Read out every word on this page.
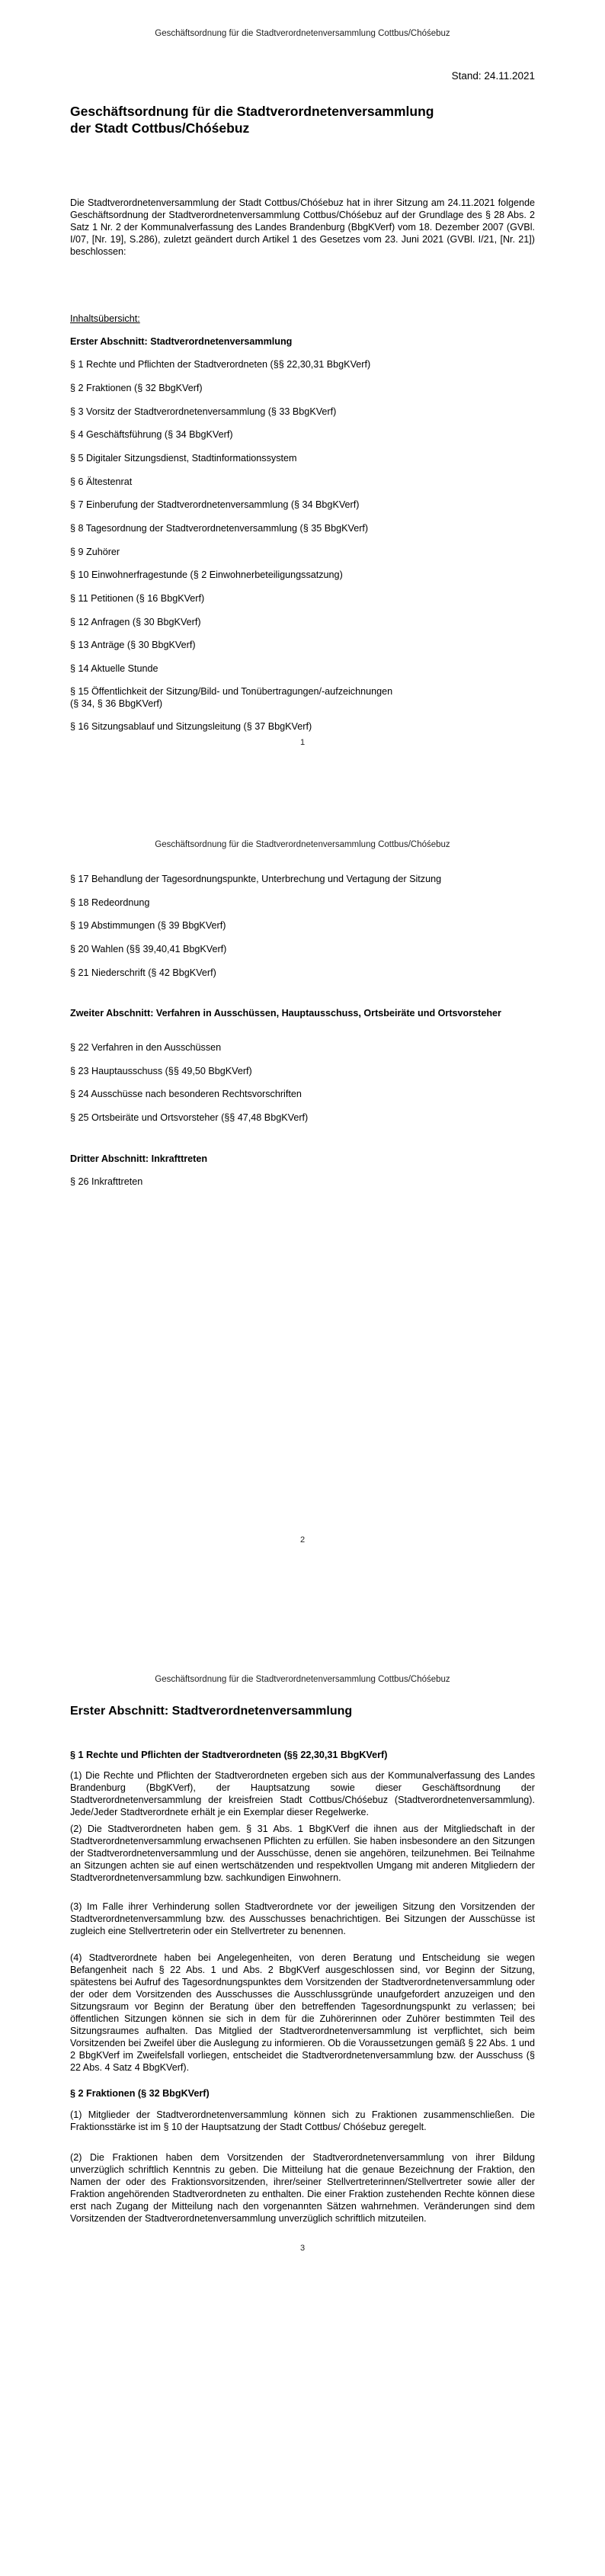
Geschäftsordnung für die Stadtverordnetenversammlung Cottbus/Chóśebuz
Stand: 24.11.2021
Geschäftsordnung für die Stadtverordnetenversammlung
der Stadt Cottbus/Chóśebuz
Die Stadtverordnetenversammlung der Stadt Cottbus/Chóśebuz hat in ihrer Sitzung am 24.11.2021 folgende Geschäftsordnung der Stadtverordnetenversammlung Cottbus/Chóśebuz auf der Grundlage des § 28 Abs. 2 Satz 1 Nr. 2 der Kommunalverfassung des Landes Brandenburg (BbgKVerf) vom 18. Dezember 2007 (GVBl. I/07, [Nr. 19], S.286), zuletzt geändert durch Artikel 1 des Gesetzes vom 23. Juni 2021 (GVBl. I/21, [Nr. 21]) beschlossen:
Inhaltsübersicht:
Erster Abschnitt: Stadtverordnetenversammlung
§ 1 Rechte und Pflichten der Stadtverordneten (§§ 22,30,31 BbgKVerf)
§ 2 Fraktionen (§ 32 BbgKVerf)
§ 3 Vorsitz der Stadtverordnetenversammlung (§ 33 BbgKVerf)
§ 4 Geschäftsführung (§ 34 BbgKVerf)
§ 5 Digitaler Sitzungsdienst, Stadtinformationssystem
§ 6 Ältestenrat
§ 7 Einberufung der Stadtverordnetenversammlung (§ 34 BbgKVerf)
§ 8 Tagesordnung der Stadtverordnetenversammlung (§ 35 BbgKVerf)
§ 9 Zuhörer
§ 10 Einwohnerfragestunde (§ 2 Einwohnerbeteiligungssatzung)
§ 11 Petitionen (§ 16 BbgKVerf)
§ 12 Anfragen (§ 30 BbgKVerf)
§ 13 Anträge (§ 30 BbgKVerf)
§ 14 Aktuelle Stunde
§ 15 Öffentlichkeit der Sitzung/Bild- und Tonübertragungen/-aufzeichnungen
(§ 34, § 36 BbgKVerf)
§ 16 Sitzungsablauf und Sitzungsleitung (§ 37 BbgKVerf)
1
Geschäftsordnung für die Stadtverordnetenversammlung Cottbus/Chóśebuz
§ 17 Behandlung der Tagesordnungspunkte, Unterbrechung und Vertagung der Sitzung
§ 18 Redeordnung
§ 19 Abstimmungen (§ 39 BbgKVerf)
§ 20 Wahlen (§§ 39,40,41 BbgKVerf)
§ 21 Niederschrift (§ 42 BbgKVerf)
Zweiter Abschnitt: Verfahren in Ausschüssen, Hauptausschuss, Ortsbeiräte und Ortsvorsteher
§ 22 Verfahren in den Ausschüssen
§ 23 Hauptausschuss (§§ 49,50 BbgKVerf)
§ 24 Ausschüsse nach besonderen Rechtsvorschriften
§ 25 Ortsbeiräte und Ortsvorsteher (§§ 47,48 BbgKVerf)
Dritter Abschnitt: Inkrafttreten
§ 26 Inkrafttreten
2
Geschäftsordnung für die Stadtverordnetenversammlung Cottbus/Chóśebuz
Erster Abschnitt: Stadtverordnetenversammlung
§ 1 Rechte und Pflichten der Stadtverordneten (§§ 22,30,31 BbgKVerf)
(1) Die Rechte und Pflichten der Stadtverordneten ergeben sich aus der Kommunalverfassung des Landes Brandenburg (BbgKVerf), der Hauptsatzung sowie dieser Geschäftsordnung der Stadtverordnetenversammlung der kreisfreien Stadt Cottbus/Chóśebuz (Stadtverordnetenversammlung). Jede/Jeder Stadtverordnete erhält je ein Exemplar dieser Regelwerke.
(2) Die Stadtverordneten haben gem. § 31 Abs. 1 BbgKVerf die ihnen aus der Mitgliedschaft in der Stadtverordnetenversammlung erwachsenen Pflichten zu erfüllen. Sie haben insbesondere an den Sitzungen der Stadtverordnetenversammlung und der Ausschüsse, denen sie angehören, teilzunehmen. Bei Teilnahme an Sitzungen achten sie auf einen wertschätzenden und respektvollen Umgang mit anderen Mitgliedern der Stadtverordnetenversammlung bzw. sachkundigen Einwohnern.
(3) Im Falle ihrer Verhinderung sollen Stadtverordnete vor der jeweiligen Sitzung den Vorsitzenden der Stadtverordnetenversammlung bzw. des Ausschusses benachrichtigen. Bei Sitzungen der Ausschüsse ist zugleich eine Stellvertreterin oder ein Stellvertreter zu benennen.
(4) Stadtverordnete haben bei Angelegenheiten, von deren Beratung und Entscheidung sie wegen Befangenheit nach § 22 Abs. 1 und Abs. 2 BbgKVerf ausgeschlossen sind, vor Beginn der Sitzung, spätestens bei Aufruf des Tagesordnungspunktes dem Vorsitzenden der Stadtverordnetenversammlung oder der oder dem Vorsitzenden des Ausschusses die Ausschlussgründe unaufgefordert anzuzeigen und den Sitzungsraum vor Beginn der Beratung über den betreffenden Tagesordnungspunkt zu verlassen; bei öffentlichen Sitzungen können sie sich in dem für die Zuhörerinnen oder Zuhörer bestimmten Teil des Sitzungsraumes aufhalten. Das Mitglied der Stadtverordnetenversammlung ist verpflichtet, sich beim Vorsitzenden bei Zweifel über die Auslegung zu informieren. Ob die Voraussetzungen gemäß § 22 Abs. 1 und 2 BbgKVerf im Zweifelsfall vorliegen, entscheidet die Stadtverordnetenversammlung bzw. der Ausschuss (§ 22 Abs. 4 Satz 4 BbgKVerf).
§ 2 Fraktionen (§ 32 BbgKVerf)
(1) Mitglieder der Stadtverordnetenversammlung können sich zu Fraktionen zusammenschließen. Die Fraktionsstärke ist im § 10 der Hauptsatzung der Stadt Cottbus/ Chóśebuz geregelt.
(2) Die Fraktionen haben dem Vorsitzenden der Stadtverordnetenversammlung von ihrer Bildung unverzüglich schriftlich Kenntnis zu geben. Die Mitteilung hat die genaue Bezeichnung der Fraktion, den Namen der oder des Fraktionsvorsitzenden, ihrer/seiner Stellvertreterinnen/Stellvertreter sowie aller der Fraktion angehörenden Stadtverordneten zu enthalten. Die einer Fraktion zustehenden Rechte können diese erst nach Zugang der Mitteilung nach den vorgenannten Sätzen wahrnehmen. Veränderungen sind dem Vorsitzenden der Stadtverordnetenversammlung unverzüglich schriftlich mitzuteilen.
3
